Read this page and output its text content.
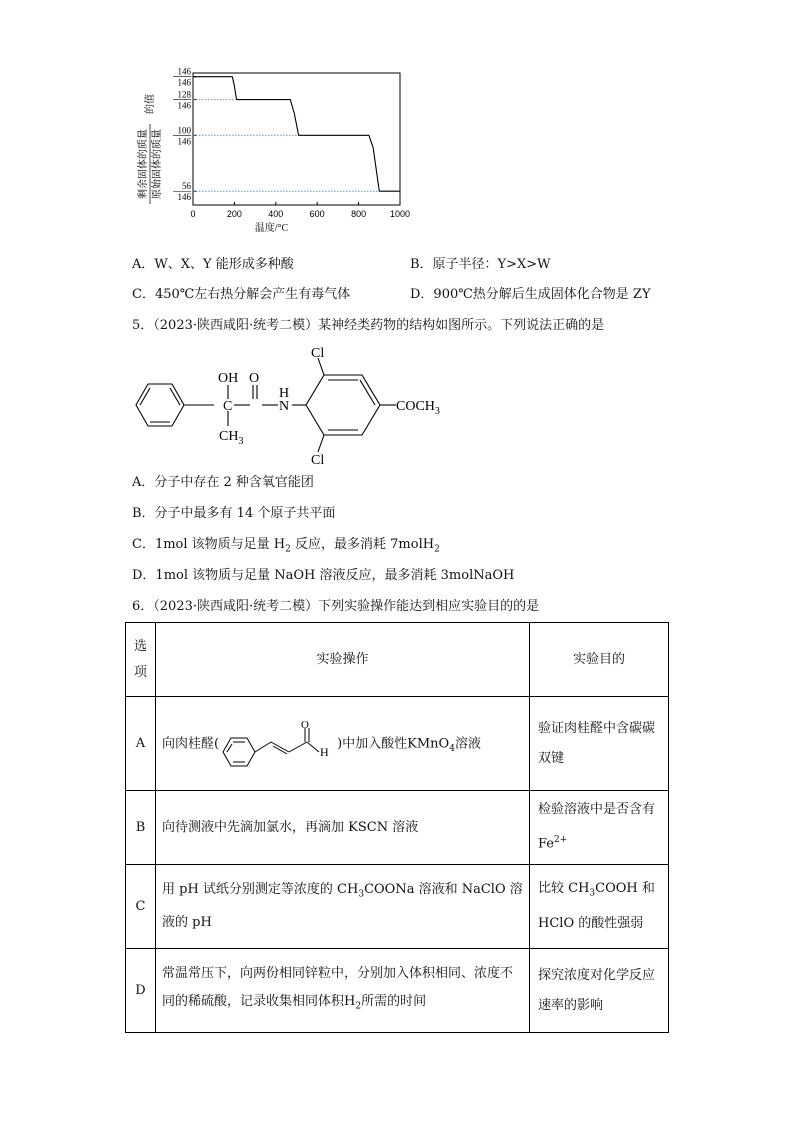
0	200	400	600	800	1000
146
146
128
146
100
146
56
146
温度/°C
剩余固体的质量 原始固体的质量
的值
A．W、X、Y 能形成多种酸	B．原子半径：Y>X>W
C．450℃左右热分解会产生有毒气体	D．900℃热分解后生成固体化合物是 ZY
5．（2023·陕西咸阳·统考二模）某神经类药物的结构如图所示。下列说法正确的是
Cl
Cl
OH O
N
H
C
$CH_3$
$COCH_3$
A．分子中存在 2 种含氧官能团
B．分子中最多有 14 个原子共平面
C．1mol 该物质与足量 $H_2$ 反应，最多消耗 7molH$_2$
D．1mol 该物质与足量 NaOH 溶液反应，最多消耗 3molNaOH
6．（2023·陕西咸阳·统考二模）下列实验操作能达到相应实验目的的是
选项	实验操作	实验目的
A	向肉桂醛(
O
H
)中加入酸性KMnO$_4$溶液	验证肉桂醛中含碳碳双键
B	向待测液中先滴加氯水，再滴加 KSCN 溶液	检验溶液中是否含有$Fe^{2+}$
C	用 pH 试纸分别测定等浓度的 $CH_3COONa$ 溶液和 NaClO 溶液的 pH	比较 $CH_3COOH$ 和 HClO 的酸性强弱
D	常温常压下，向两份相同锌粒中，分别加入体积相同、浓度不同的稀硫酸，记录收集相同体积$H_2$所需的时间	探究浓度对化学反应速率的影响
